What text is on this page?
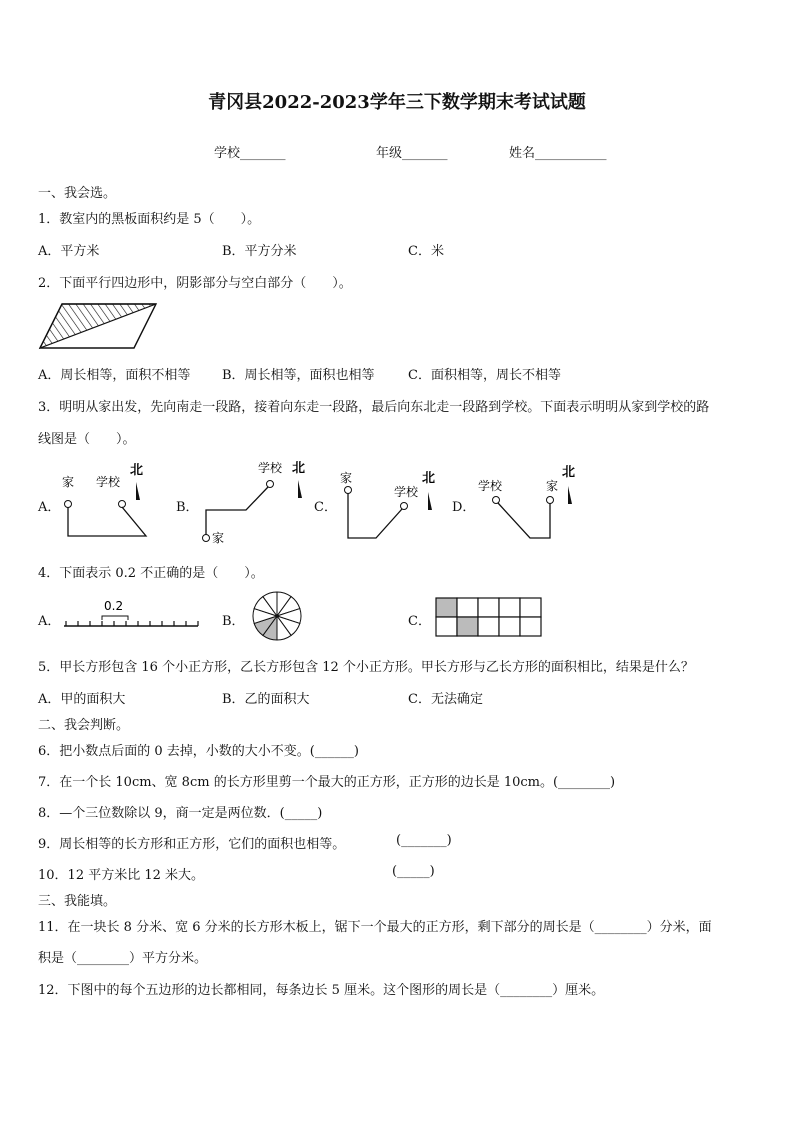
青冈县2022-2023学年三下数学期末考试试题
学校_______	年级_______	姓名___________
一、我会选。
1．教室内的黑板面积约是 5（　　）。
A．平方米	B．平方分米	C．米
2．下面平行四边形中，阴影部分与空白部分（　　）。
A．周长相等，面积不相等 B．周长相等，面积也相等	C．面积相等，周长不相等
3．明明从家出发，先向南走一段路，接着向东走一段路，最后向东北走一段路到学校。下面表示明明从家到学校的路
线图是（　　）。
A．
家 学校
北
B．
学校 北
家
C．
家
学校
北
D．
学校	家
北
4．下面表示 0.2 不正确的是（　　）。
A．
0.2
B．	C．
5．甲长方形包含 16 个小正方形，乙长方形包含 12 个小正方形。甲长方形与乙长方形的面积相比，结果是什么？
A．甲的面积大	B．乙的面积大	C．无法确定
二、我会判断。
6．把小数点后面的 0 去掉，小数的大小不变。(______)
7．在一个长 10cm、宽 8cm 的长方形里剪一个最大的正方形，正方形的边长是 10cm。(________)
8．—个三位数除以 9，商一定是两位数．(_____)
9．周长相等的长方形和正方形，它们的面积也相等。	(_______)
10．12 平方米比 12 米大。	(_____)
三、我能填。
11．在一块长 8 分米、宽 6 分米的长方形木板上，锯下一个最大的正方形，剩下部分的周长是（________）分米，面
积是（________）平方分米。
12．下图中的每个五边形的边长都相同，每条边长 5 厘米。这个图形的周长是（________）厘米。
